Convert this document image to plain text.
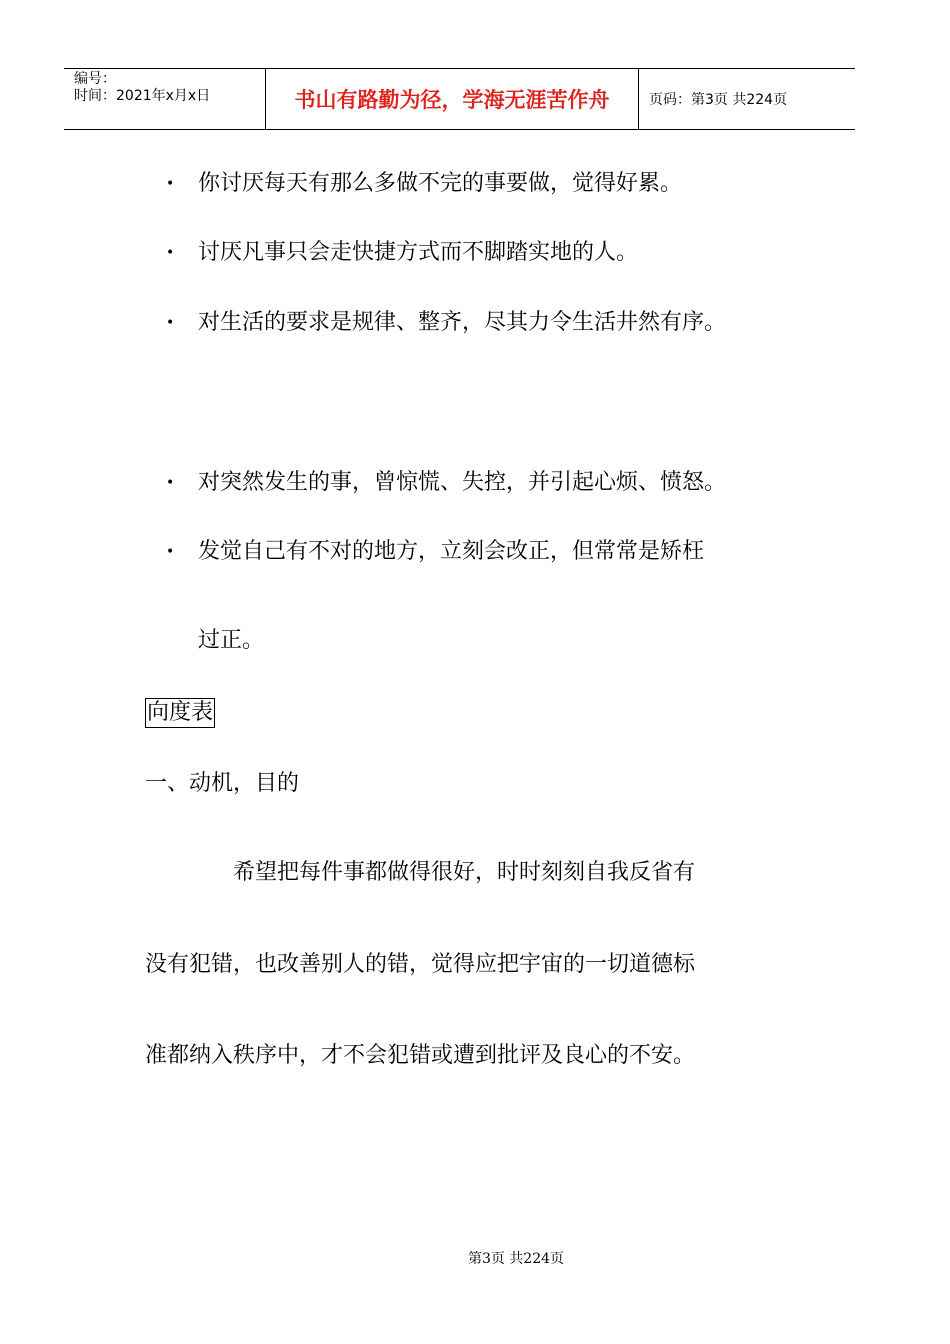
编号：
时间：2021年x月x日	书山有路勤为径，学海无涯苦作舟	页码：第3页 共224页
• 你讨厌每天有那么多做不完的事要做，觉得好累。
• 讨厌凡事只会走快捷方式而不脚踏实地的人。
• 对生活的要求是规律、整齐，尽其力令生活井然有序。
• 对突然发生的事，曾惊慌、失控，并引起心烦、愤怒。
• 发觉自己有不对的地方，立刻会改正，但常常是矫枉
过正。
向度表
一、动机，目的
希望把每件事都做得很好，时时刻刻自我反省有
没有犯错，也改善别人的错，觉得应把宇宙的一切道德标
准都纳入秩序中，才不会犯错或遭到批评及良心的不安。
第3页 共224页
